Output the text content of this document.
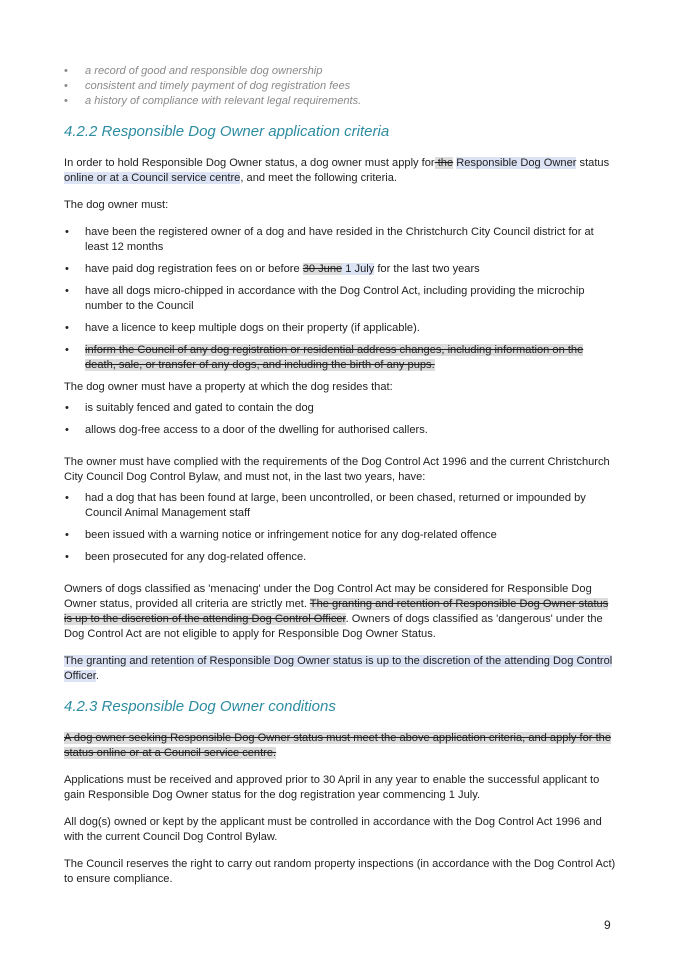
• a record of good and responsible dog ownership
• consistent and timely payment of dog registration fees
• a history of compliance with relevant legal requirements.
4.2.2 Responsible Dog Owner application criteria

In order to hold Responsible Dog Owner status, a dog owner must apply for the Responsible Dog Owner status online or at a Council service centre, and meet the following criteria.

The dog owner must:

• have been the registered owner of a dog and have resided in the Christchurch City Council district for at least 12 months
• have paid dog registration fees on or before 30 June 1 July for the last two years
• have all dogs micro-chipped in accordance with the Dog Control Act, including providing the microchip number to the Council
• have a licence to keep multiple dogs on their property (if applicable).
• inform the Council of any dog registration or residential address changes, including information on the death, sale, or transfer of any dogs, and including the birth of any pups.

The dog owner must have a property at which the dog resides that:

• is suitably fenced and gated to contain the dog
• allows dog-free access to a door of the dwelling for authorised callers.

The owner must have complied with the requirements of the Dog Control Act 1996 and the current Christchurch City Council Dog Control Bylaw, and must not, in the last two years, have:

• had a dog that has been found at large, been uncontrolled, or been chased, returned or impounded by Council Animal Management staff
• been issued with a warning notice or infringement notice for any dog-related offence
• been prosecuted for any dog-related offence.

Owners of dogs classified as 'menacing' under the Dog Control Act may be considered for Responsible Dog Owner status, provided all criteria are strictly met. The granting and retention of Responsible Dog Owner status is up to the discretion of the attending Dog Control Officer. Owners of dogs classified as 'dangerous' under the Dog Control Act are not eligible to apply for Responsible Dog Owner Status.

The granting and retention of Responsible Dog Owner status is up to the discretion of the attending Dog Control Officer.

4.2.3 Responsible Dog Owner conditions

A dog owner seeking Responsible Dog Owner status must meet the above application criteria, and apply for the status online or at a Council service centre.

Applications must be received and approved prior to 30 April in any year to enable the successful applicant to gain Responsible Dog Owner status for the dog registration year commencing 1 July.

All dog(s) owned or kept by the applicant must be controlled in accordance with the Dog Control Act 1996 and with the current Council Dog Control Bylaw.

The Council reserves the right to carry out random property inspections (in accordance with the Dog Control Act) to ensure compliance.

9
